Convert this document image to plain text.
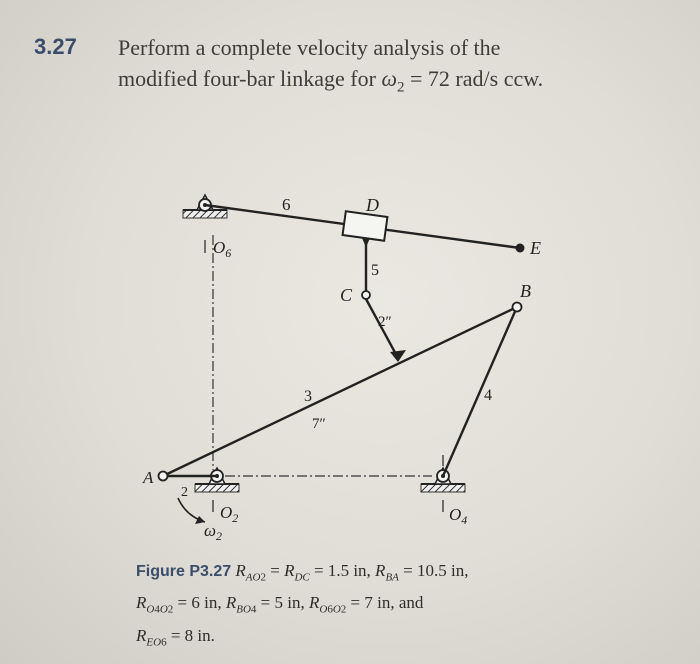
3.27 Perform a complete velocity analysis of the
modified four-bar linkage for $\omega_2 = 72$ rad/s ccw.
6	D
E
5
C
2″
B
4
3
7″
A
2
$O_6$
$O_2$	$O_4$
$\omega_2$
Figure P3.27 $R_{AO2} = R_{DC} = 1.5$ in, $R_{BA} = 10.5$ in,
$R_{O4O2} = 6$ in, $R_{BO4} = 5$ in, $R_{O6O2} = 7$ in, and
$R_{EO6} = 8$ in.
